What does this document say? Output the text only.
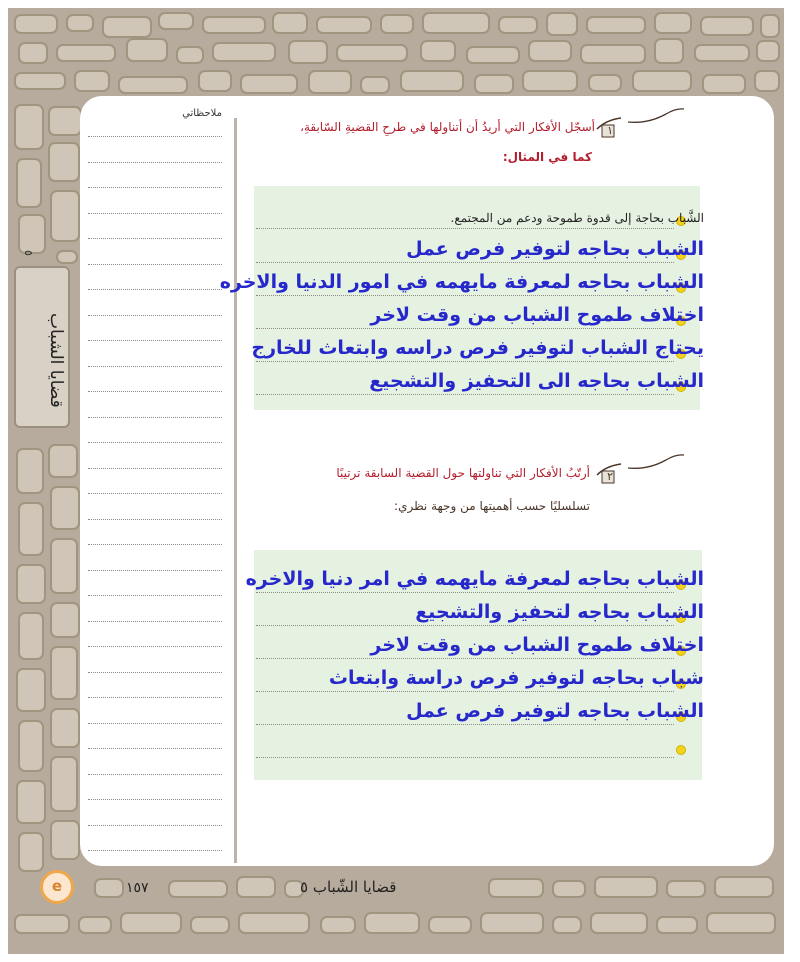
ملاحظاتي
٥
قضايا الشباب
١
أسجّل الأفكار التي أريدُ أن أتناولها في طرحِ القضيةِ السّابقةِ،
كما في المثال:
الشَّباب بحاجة إلى قدوة طموحة ودعم من المجتمع.
الشباب بحاجه لتوفير فرص عمل
الشباب بحاجه لمعرفة مايهمه في امور الدنيا والاخره
اختلاف طموح الشباب من وقت لاخر
يحتاج الشباب لتوفير فرص دراسه وابتعاث للخارج
الشباب بحاجه الى التحفيز والتشجيع
٢
أرتّبُ الأفكار التي تناولتها حول القضية السابقة ترتيبًا
تسلسليًا حسب أهميتها من وجهة نظري:
الشباب بحاجه لمعرفة مايهمه في امر دنيا والاخره
الشباب بحاجه لتحفيز والتشجيع
اختلاف طموح الشباب من وقت لاخر
شباب بحاجه لتوفير فرص دراسة وابتعاث
الشباب بحاجه لتوفير فرص عمل
١٥٧	قضايا الشّباب ٥
e
